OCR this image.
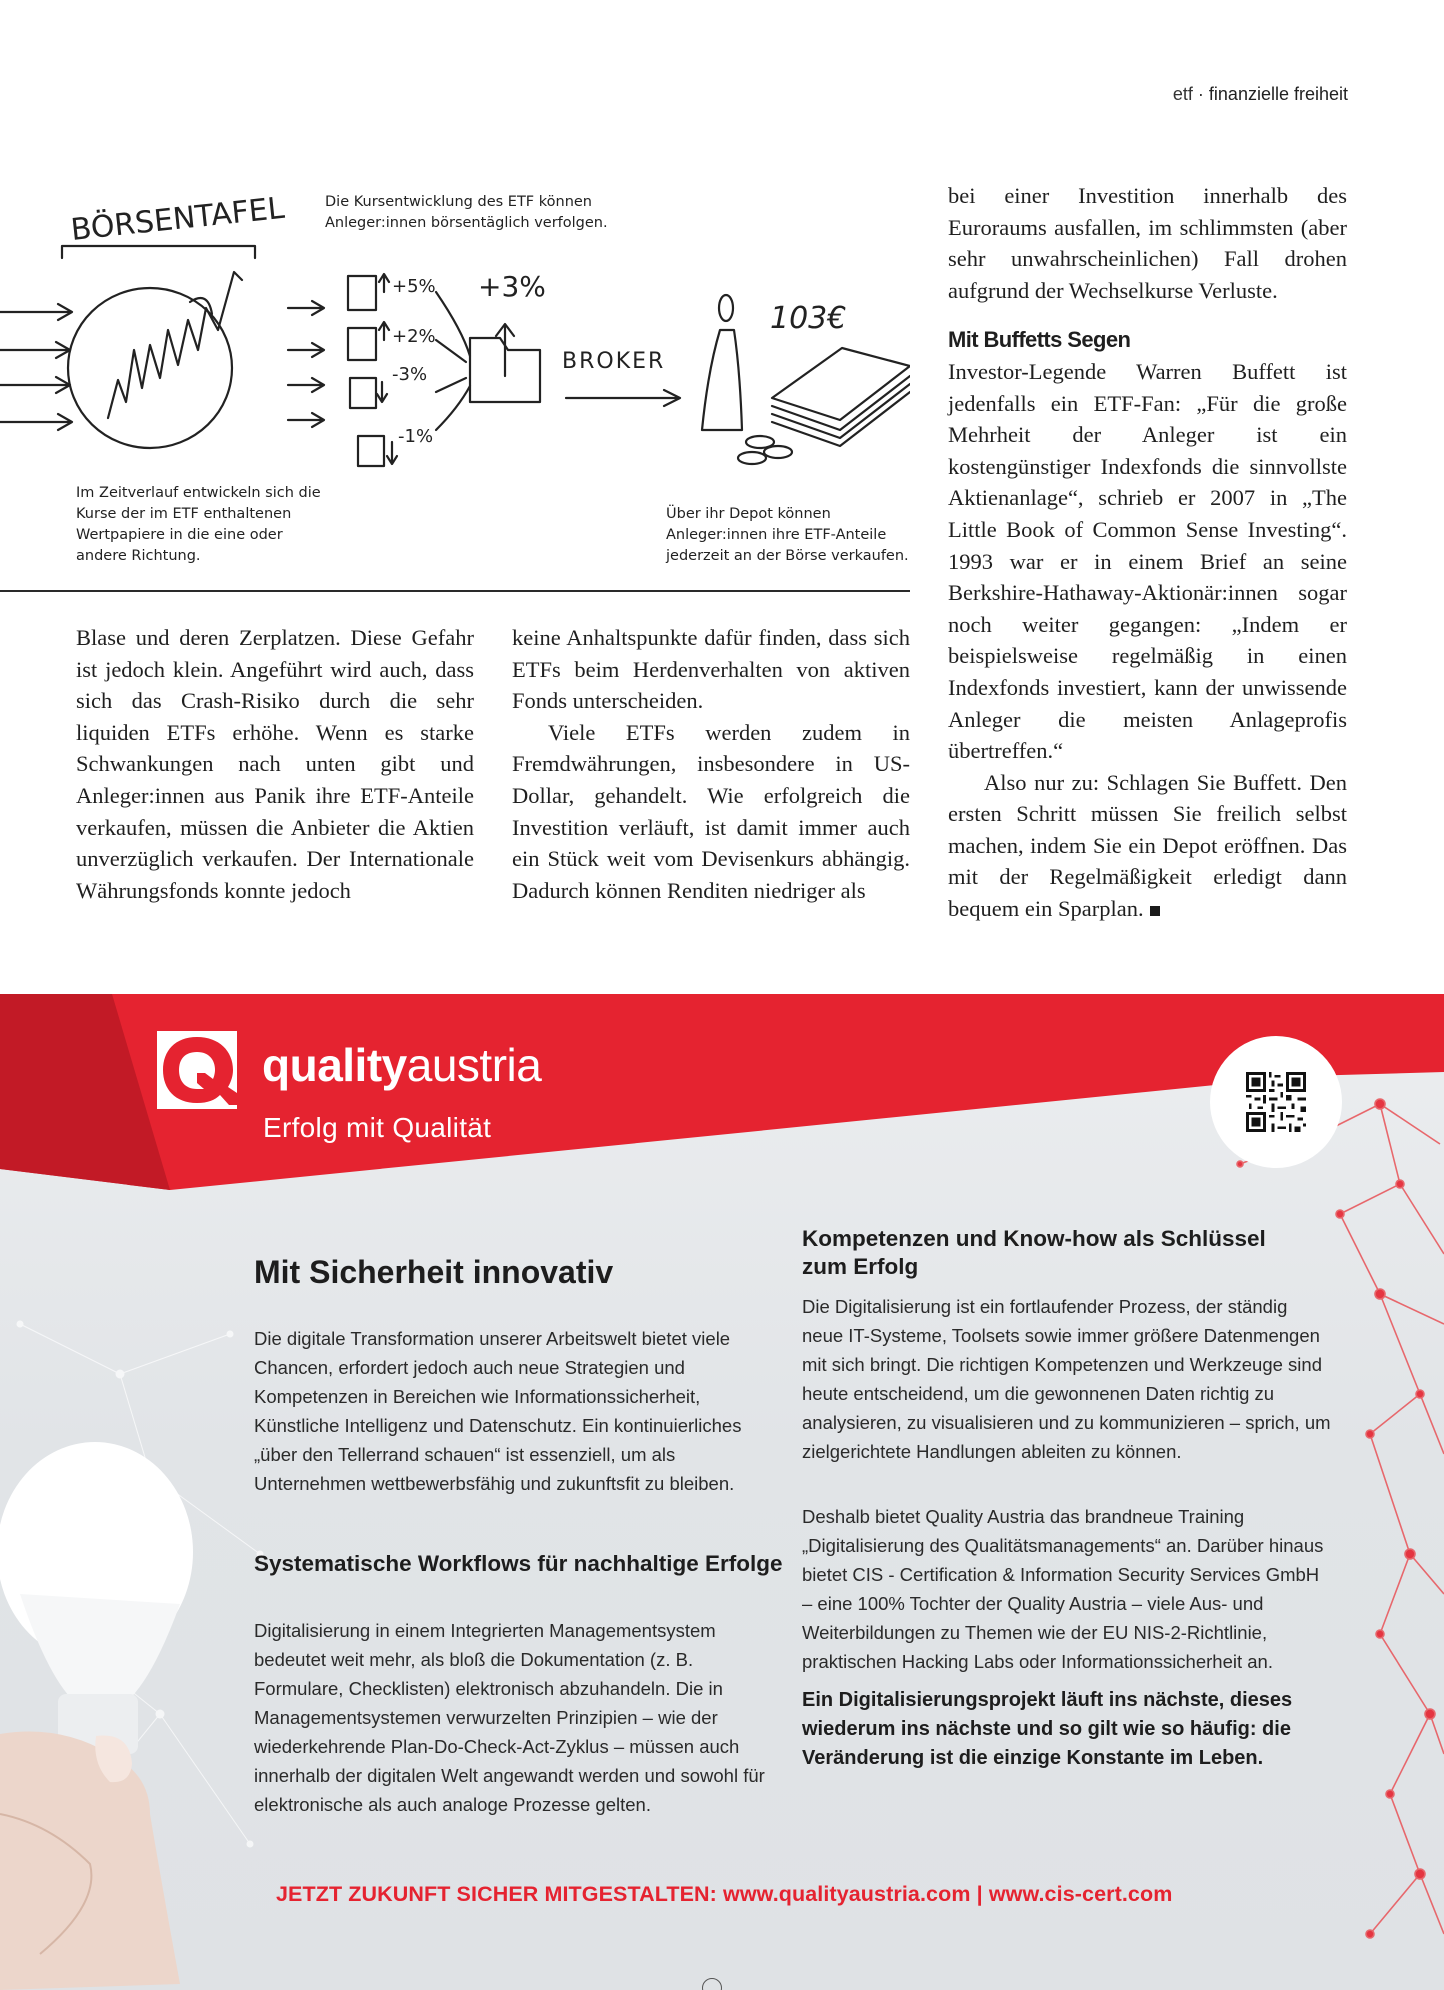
etf · finanzielle freiheit
BÖRSENTAFEL
+5%
+2%
-3%
-1%
+3%
BROKER
103€
Die Kursentwicklung des ETF können Anleger:innen börsentäglich verfolgen.
Im Zeitverlauf entwickeln sich die Kurse der im ETF enthaltenen Wertpapiere in die eine oder andere Richtung.
Über ihr Depot können Anleger:innen ihre ETF-Anteile jederzeit an der Börse verkaufen.

Blase und deren Zerplatzen. Diese Gefahr ist jedoch klein. Angeführt wird auch, dass sich das Crash-Risiko durch die sehr liquiden ETFs erhöhe. Wenn es starke Schwankungen nach unten gibt und Anleger:innen aus Panik ihre ETF-Anteile verkaufen, müssen die Anbieter die Aktien unverzüglich verkaufen. Der Internationale Währungsfonds konnte jedoch

keine Anhaltspunkte dafür finden, dass sich ETFs beim Herdenverhalten von aktiven Fonds unterscheiden.

Viele ETFs werden zudem in Fremdwährungen, insbesondere in US-Dollar, gehandelt. Wie erfolgreich die Investition verläuft, ist damit immer auch ein Stück weit vom Devisenkurs abhängig. Dadurch können Renditen niedriger als

bei einer Investition innerhalb des Euroraums ausfallen, im schlimmsten (aber sehr unwahrscheinlichen) Fall drohen aufgrund der Wechselkurse Verluste.

Mit Buffetts Segen

Investor-Legende Warren Buffett ist jedenfalls ein ETF-Fan: „Für die große Mehrheit der Anleger ist ein kostengünstiger Indexfonds die sinnvollste Aktienanlage“, schrieb er 2007 in „The Little Book of Common Sense Investing“. 1993 war er in einem Brief an seine Berkshire-Hathaway-Aktionär:innen sogar noch weiter gegangen: „Indem er beispielsweise regelmäßig in einen Indexfonds investiert, kann der unwissende Anleger die meisten Anlageprofis übertreffen.“

Also nur zu: Schlagen Sie Buffett. Den ersten Schritt müssen Sie freilich selbst machen, indem Sie ein Depot eröffnen. Das mit der Regelmäßigkeit erledigt dann bequem ein Sparplan.

qualityaustria
Erfolg mit Qualität
Mit Sicherheit innovativ
Die digitale Transformation unserer Arbeitswelt bietet viele Chancen, erfordert jedoch auch neue Strategien und Kompetenzen in Bereichen wie Informationssicherheit, Künstliche Intelligenz und Datenschutz. Ein kontinuierliches „über den Tellerrand schauen“ ist essenziell, um als Unternehmen wettbewerbsfähig und zukunftsfit zu bleiben.
Systematische Workflows für nachhaltige Erfolge
Digitalisierung in einem Integrierten Managementsystem bedeutet weit mehr, als bloß die Dokumentation (z. B. Formulare, Checklisten) elektronisch abzuhandeln. Die in Managementsystemen verwurzelten Prinzipien – wie der wiederkehrende Plan-Do-Check-Act-Zyklus – müssen auch innerhalb der digitalen Welt angewandt werden und sowohl für elektronische als auch analoge Prozesse gelten.
Kompetenzen und Know-how als Schlüssel zum Erfolg
Die Digitalisierung ist ein fortlaufender Prozess, der ständig neue IT-Systeme, Toolsets sowie immer größere Datenmengen mit sich bringt. Die richtigen Kompetenzen und Werkzeuge sind heute entscheidend, um die gewonnenen Daten richtig zu analysieren, zu visualisieren und zu kommunizieren – sprich, um zielgerichtete Handlungen ableiten zu können.
Deshalb bietet Quality Austria das brandneue Training „Digitalisierung des Qualitätsmanagements“ an. Darüber hinaus bietet CIS - Certification & Information Security Services GmbH – eine 100% Tochter der Quality Austria – viele Aus- und Weiterbildungen zu Themen wie der EU NIS-2-Richtlinie, praktischen Hacking Labs oder Informationssicherheit an.
Ein Digitalisierungsprojekt läuft ins nächste, dieses wiederum ins nächste und so gilt wie so häufig: die Veränderung ist die einzige Konstante im Leben.
JETZT ZUKUNFT SICHER MITGESTALTEN: www.qualityaustria.com | www.cis-cert.com
